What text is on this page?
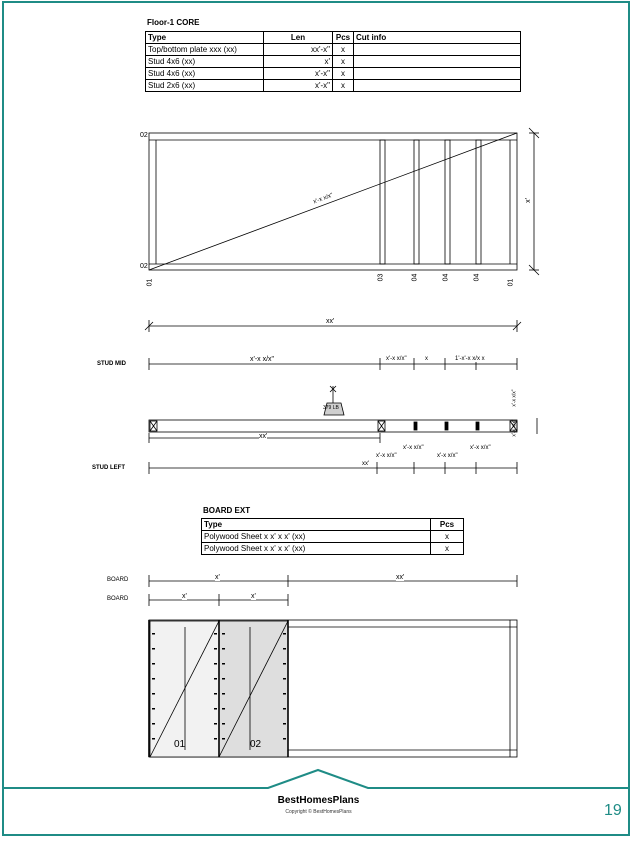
Floor-1 CORE
Type	Len	Pcs	Cut info
Top/bottom plate xxx (xx)	xx'-x"	x	
Stud 4x6 (xx)	x'	x	
Stud 4x6 (xx)	x'-x"	x	
Stud 2x6 (xx)	x'-x"	x	
02
02
01
03	04	04	04
01
x'-x x/x"	x'
xx'
STUD MID
x'-x x/x"	x'-x x/x"	x	1'-x'-x x/x x
379 LB
xx'
STUD LEFT
xx'
x'-x x/x"
x'-x x/x"
x'-x x/x"
x'-x x/x"
x'-x x/x"
x'-x x/x"
BOARD EXT
Type	Pcs
Polywood Sheet x x' x x' (xx)	x
Polywood Sheet x x' x x' (xx)	x
BOARD
BOARD
x'	xx'
x'	x'
01	02
BestHomesPlans
Copyright © BestHomesPlans	19
